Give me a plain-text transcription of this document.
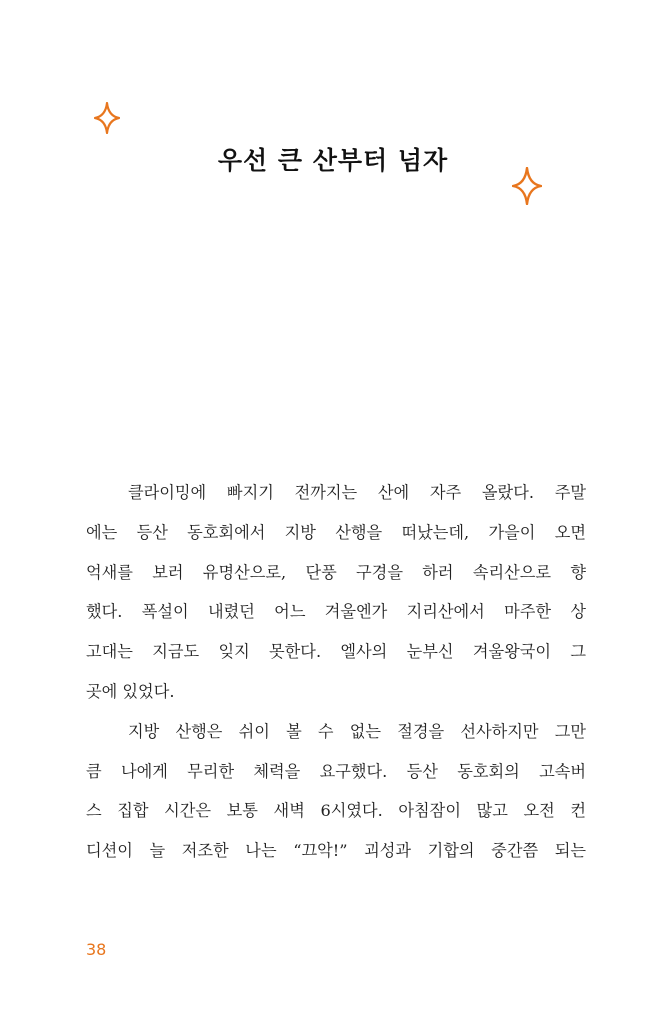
우선 큰 산부터 넘자
클라이밍에 빠지기 전까지는 산에 자주 올랐다. 주말
에는 등산 동호회에서 지방 산행을 떠났는데, 가을이 오면
억새를 보러 유명산으로, 단풍 구경을 하러 속리산으로 향
했다. 폭설이 내렸던 어느 겨울엔가 지리산에서 마주한 상
고대는 지금도 잊지 못한다. 엘사의 눈부신 겨울왕국이 그
곳에 있었다.
지방 산행은 쉬이 볼 수 없는 절경을 선사하지만 그만
큼 나에게 무리한 체력을 요구했다. 등산 동호회의 고속버
스 집합 시간은 보통 새벽 6시였다. 아침잠이 많고 오전 컨
디션이 늘 저조한 나는 “끄악!” 괴성과 기합의 중간쯤 되는

38
